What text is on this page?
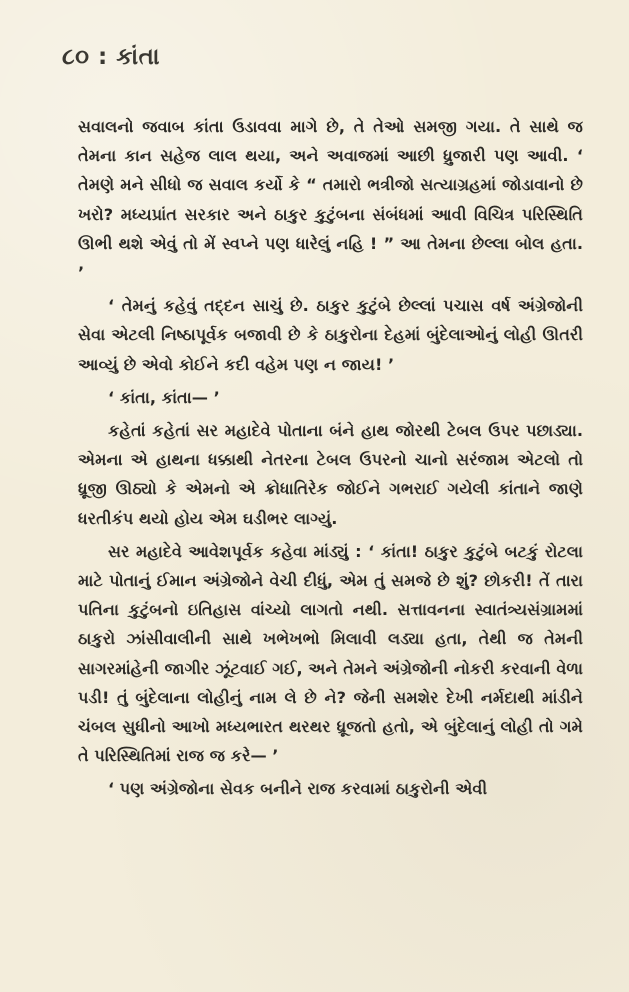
૮૦ : કાંતા

સવાલનો જવાબ કાંતા ઉડાવવા માગે છે, તે તેઓ સમજી ગયા. તે સાથે જ તેમના કાન સહેજ લાલ થયા, અને અવાજમાં આછી ધ્રુજારી પણ આવી. ‘ તેમણે મને સીધો જ સવાલ કર્યો કે “ તમારો ભત્રીજો સત્યાગ્રહમાં જોડાવાનો છે ખરો? મધ્યપ્રાંત સરકાર અને ઠાકુર કુટુંબના સંબંધમાં આવી વિચિત્ર પરિસ્થિતિ ઊભી થશે એવું તો મેં સ્વપ્ને પણ ધારેલું નહિ ! ” આ તેમના છેલ્લા બોલ હતા. ’

‘ તેમનું કહેવું તદ્દન સાચું છે. ઠાકુર કુટુંબે છેલ્લાં પચાસ વર્ષ અંગ્રેજોની સેવા એટલી નિષ્ઠાપૂર્વક બજાવી છે કે ઠાકુરોના દેહમાં બુંદેલાઓનું લોહી ઊતરી આવ્યું છે એવો કોઈને કદી વહેમ પણ ન જાય! ’

‘ કાંતા, કાંતા— ’

કહેતાં કહેતાં સર મહાદેવે પોતાના બંને હાથ જોરથી ટેબલ ઉપર પછાડ્યા. એમના એ હાથના ધક્કાથી નેતરના ટેબલ ઉપરનો ચાનો સરંજામ એટલો તો ધ્રૂજી ઊઠ્યો કે એમનો એ ક્રોધાતિરેક જોઈને ગભરાઈ ગયેલી કાંતાને જાણે ધરતીકંપ થયો હોય એમ ઘડીભર લાગ્યું.

સર મહાદેવે આવેશપૂર્વક કહેવા માંડ્યું : ‘ કાંતા! ઠાકુર કુટુંબે બટકું રોટલા માટે પોતાનું ઈમાન અંગ્રેજોને વેચી દીધું, એમ તું સમજે છે શું? છોકરી! તેં તારા પતિના કુટુંબનો ઇતિહાસ વાંચ્યો લાગતો નથી. સત્તાવનના સ્વાતંત્ર્યસંગ્રામમાં ઠાકુરો ઝાંસીવાલીની સાથે ખભેખભો મિલાવી લડ્યા હતા, તેથી જ તેમની સાગરમાંહેની જાગીર ઝૂંટવાઈ ગઈ, અને તેમને અંગ્રેજોની નોકરી કરવાની વેળા પડી! તું બુંદેલાના લોહીનું નામ લે છે ને? જેની સમશેર દેખી નર્મદાથી માંડીને ચંબલ સુધીનો આખો મધ્યભારત થરથર ધ્રૂજતો હતો, એ બુંદેલાનું લોહી તો ગમે તે પરિસ્થિતિમાં રાજ જ કરે— ’

‘ પણ અંગ્રેજોના સેવક બનીને રાજ કરવામાં ઠાકુરોની એવી
